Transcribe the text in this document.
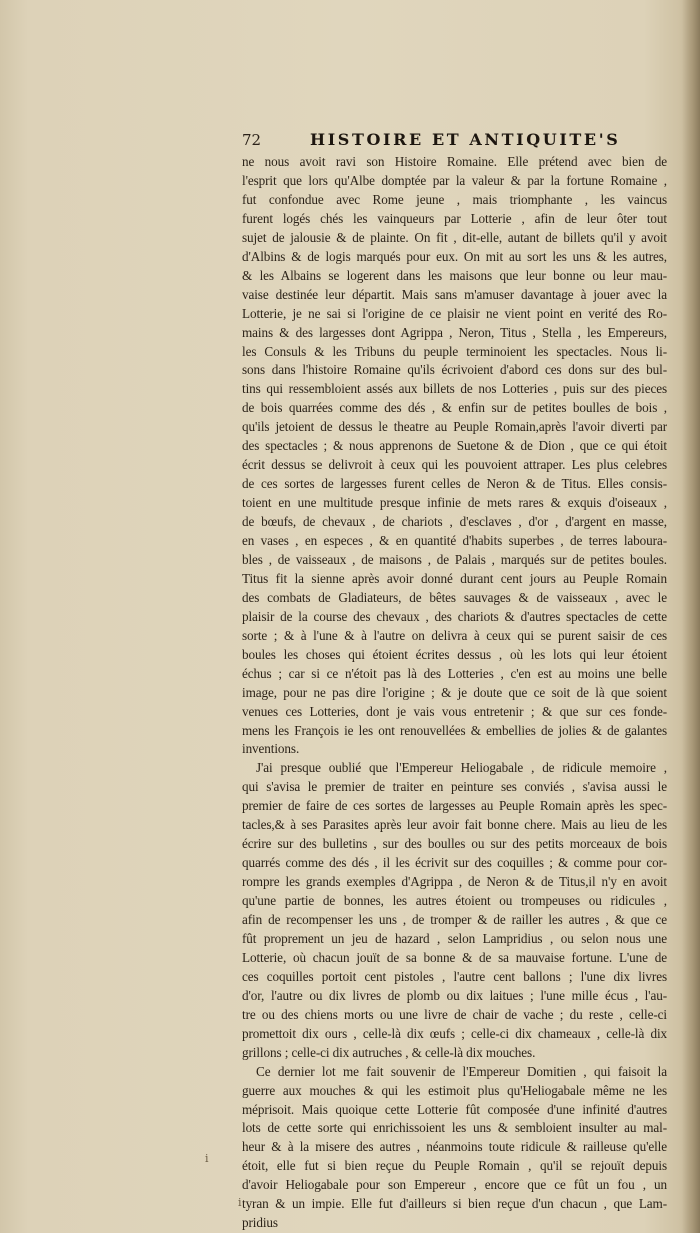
72	HISTOIRE ET ANTIQUITE'S
ne nous avoit ravi son Histoire Romaine. Elle prétend avec bien de
l'esprit que lors qu'Albe domptée par la valeur & par la fortune Romaine ,
fut confondue avec Rome jeune , mais triomphante , les vaincus
furent logés chés les vainqueurs par Lotterie , afin de leur ôter tout
sujet de jalousie & de plainte. On fit , dit-elle, autant de billets qu'il y avoit
d'Albins & de logis marqués pour eux. On mit au sort les uns & les autres,
& les Albains se logerent dans les maisons que leur bonne ou leur mau-
vaise destinée leur départit. Mais sans m'amuser davantage à jouer avec la
Lotterie, je ne sai si l'origine de ce plaisir ne vient point en verité des Ro-
mains & des largesses dont Agrippa , Neron, Titus , Stella , les Empereurs,
les Consuls & les Tribuns du peuple terminoient les spectacles. Nous li-
sons dans l'histoire Romaine qu'ils écrivoient d'abord ces dons sur des bul-
tins qui ressembloient assés aux billets de nos Lotteries , puis sur des pieces
de bois quarrées comme des dés , & enfin sur de petites boulles de bois ,
qu'ils jetoient de dessus le theatre au Peuple Romain,après l'avoir diverti par
des spectacles ; & nous apprenons de Suetone & de Dion , que ce qui étoit
écrit dessus se delivroit à ceux qui les pouvoient attraper. Les plus celebres
de ces sortes de largesses furent celles de Neron & de Titus. Elles consis-
toient en une multitude presque infinie de mets rares & exquis d'oiseaux ,
de bœufs, de chevaux , de chariots , d'esclaves , d'or , d'argent en masse,
en vases , en especes , & en quantité d'habits superbes , de terres laboura-
bles , de vaisseaux , de maisons , de Palais , marqués sur de petites boules.
Titus fit la sienne après avoir donné durant cent jours au Peuple Romain
des combats de Gladiateurs, de bêtes sauvages & de vaisseaux , avec le
plaisir de la course des chevaux , des chariots & d'autres spectacles de cette
sorte ; & à l'une & à l'autre on delivra à ceux qui se purent saisir de ces
boules les choses qui étoient écrites dessus , où les lots qui leur étoient
échus ; car si ce n'étoit pas là des Lotteries , c'en est au moins une belle
image, pour ne pas dire l'origine ; & je doute que ce soit de là que soient
venues ces Lotteries, dont je vais vous entretenir ; & que sur ces fonde-
mens les François ie les ont renouvellées & embellies de jolies & de galantes
inventions.
J'ai presque oublié que l'Empereur Heliogabale , de ridicule memoire ,
qui s'avisa le premier de traiter en peinture ses conviés , s'avisa aussi le
premier de faire de ces sortes de largesses au Peuple Romain après les spec-
tacles,& à ses Parasites après leur avoir fait bonne chere. Mais au lieu de les
écrire sur des bulletins , sur des boulles ou sur des petits morceaux de bois
quarrés comme des dés , il les écrivit sur des coquilles ; & comme pour cor-
rompre les grands exemples d'Agrippa , de Neron & de Titus,il n'y en avoit
qu'une partie de bonnes, les autres étoient ou trompeuses ou ridicules ,
afin de recompenser les uns , de tromper & de railler les autres , & que ce
fût proprement un jeu de hazard , selon Lampridius , ou selon nous une
Lotterie, où chacun jouït de sa bonne & de sa mauvaise fortune. L'une de
ces coquilles portoit cent pistoles , l'autre cent ballons ; l'une dix livres
d'or, l'autre ou dix livres de plomb ou dix laitues ; l'une mille écus , l'au-
tre ou des chiens morts ou une livre de chair de vache ; du reste , celle-ci
promettoit dix ours , celle-là dix œufs ; celle-ci dix chameaux , celle-là dix
grillons ; celle-ci dix autruches , & celle-là dix mouches.
Ce dernier lot me fait souvenir de l'Empereur Domitien , qui faisoit la
guerre aux mouches & qui les estimoit plus qu'Heliogabale même ne les
méprisoit. Mais quoique cette Lotterie fût composée d'une infinité d'autres
lots de cette sorte qui enrichissoient les uns & sembloient insulter au mal-
heur & à la misere des autres , néanmoins toute ridicule & railleuse qu'elle
étoit, elle fut si bien reçue du Peuple Romain , qu'il se rejouït depuis
d'avoir Heliogabale pour son Empereur , encore que ce fût un fou , un
tyran & un impie. Elle fut d'ailleurs si bien reçue d'un chacun , que Lam-
pridius
ⅰ
ⅰ
